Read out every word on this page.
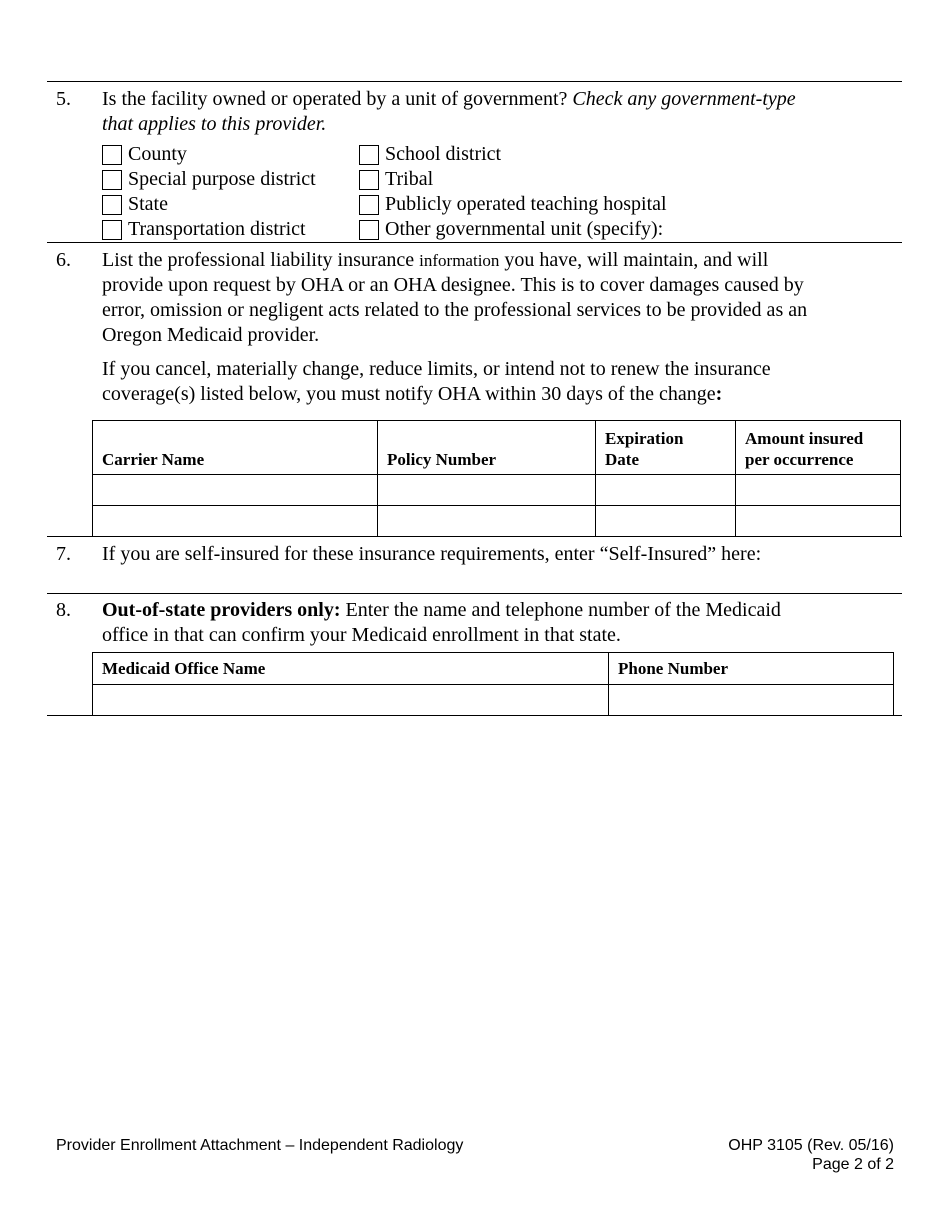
5. Is the facility owned or operated by a unit of government? Check any government-type
that applies to this provider.
County
Special purpose district
State
Transportation district
School district
Tribal
Publicly operated teaching hospital
Other governmental unit (specify):
6. List the professional liability insurance information you have, will maintain, and will
provide upon request by OHA or an OHA designee. This is to cover damages caused by
error, omission or negligent acts related to the professional services to be provided as an
Oregon Medicaid provider.
If you cancel, materially change, reduce limits, or intend not to renew the insurance
coverage(s) listed below, you must notify OHA within 30 days of the change:
Carrier Name	Policy Number	Expiration
Date	Amount insured
per occurrence

7. If you are self-insured for these insurance requirements, enter “Self-Insured” here:
8. Out-of-state providers only: Enter the name and telephone number of the Medicaid
office in that can confirm your Medicaid enrollment in that state.
Medicaid Office Name	Phone Number

Provider Enrollment Attachment – Independent Radiology	OHP 3105 (Rev. 05/16)
Page 2 of 2
